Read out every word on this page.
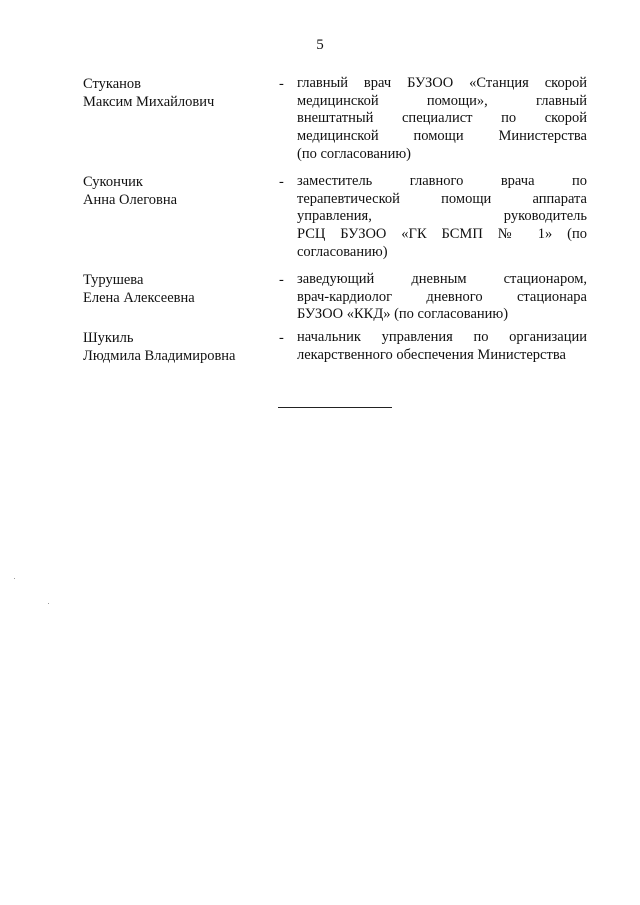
5
Стуканов
Максим Михайлович
- главный врач БУЗОО «Станция скорой
медицинской помощи», главный
внештатный специалист по скорой
медицинской помощи Министерства
(по согласованию)
Сукончик
Анна Олеговна
- заместитель главного врача по
терапевтической помощи аппарата
управления, руководитель
РСЦ БУЗОО «ГК БСМП № 1» (по
согласованию)
Турушева
Елена Алексеевна
- заведующий дневным стационаром,
врач-кардиолог дневного стационара
БУЗОО «ККД» (по согласованию)
Шукиль
Людмила Владимировна
- начальник управления по организации
лекарственного обеспечения Министерства
